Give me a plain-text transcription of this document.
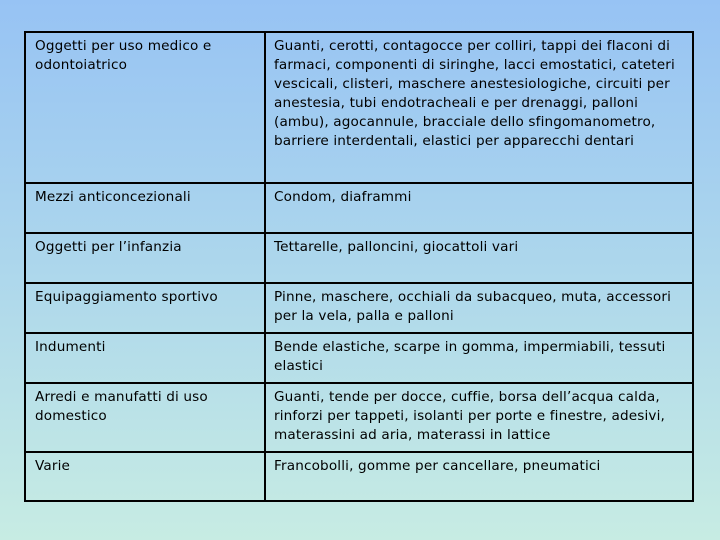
Oggetti per uso medico e odontoiatrico	Guanti, cerotti, contagocce per colliri, tappi dei flaconi di farmaci, componenti di siringhe, lacci emostatici, cateteri vescicali, clisteri, maschere anestesiologiche, circuiti per anestesia, tubi endotracheali e per drenaggi, palloni (ambu), agocannule, bracciale dello sfingomanometro, barriere interdentali, elastici per apparecchi dentari
Mezzi anticoncezionali	Condom, diaframmi
Oggetti per l’infanzia	Tettarelle, palloncini, giocattoli vari
Equipaggiamento sportivo	Pinne, maschere, occhiali da subacqueo, muta, accessori per la vela, palla e palloni
Indumenti	Bende elastiche, scarpe in gomma, impermiabili, tessuti elastici
Arredi e manufatti di uso domestico	Guanti, tende per docce, cuffie, borsa dell’acqua calda, rinforzi per tappeti, isolanti per porte e finestre, adesivi, materassini ad aria, materassi in lattice
Varie	Francobolli, gomme per cancellare, pneumatici
